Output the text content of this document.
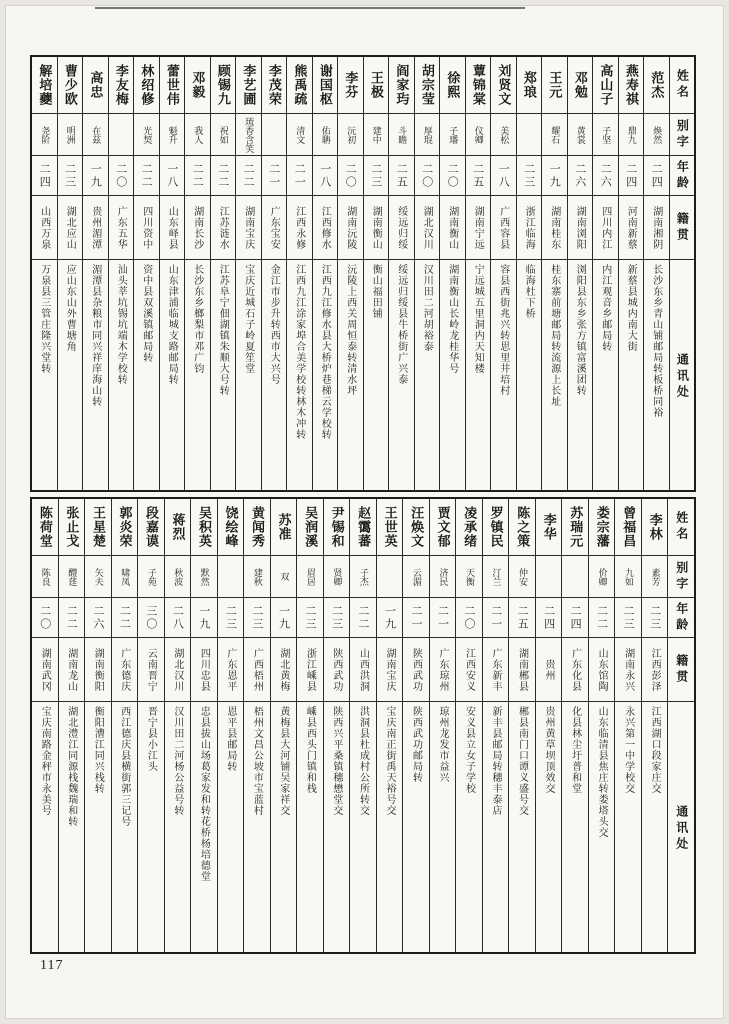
解培蘷
尧阶
二四
山西万泉
万泉县三管庄隆兴堂转
曹少欧
明洲
二三
湖北应山
应山东山外曹塘角
高忠
在兹
一九
贵州湄潭
湄潭县杂粮市同兴祥庠海山转
李友梅
二〇
广东五华
汕头莘坑锡坑端木学校转
林绍修
光契
二二
四川资中
资中县双溪镇邮局转
蕾世伟
魁升
一八
山东峄县
山东津浦临城支路邮局转
邓毅
我人
二二
湖南长沙
长沙东乡榔梨市邓广钧
顾锡九
祝如
二二
江苏涟水
江苏阜宁佃湖镇朱顺大号转
李艺圃
琉香含笑
二二
湖南宝庆
宝庆近城石子岭夏笙堂
李茂荣
二一
广东宝安
金江市步升转西市大兴号
熊禹疏
清文
二一
江西永修
江西九江涂家埠合美学校转林木冲转
谢国枢
佑聃
一八
江西修水
江西九江修水县大桥炉巷梯云学校转
李芬
沅初
二〇
湖南沅陵
沅陵上西关周恒泰转清水坪
王极
建中
二三
湖南衡山
衡山福田铺
阎家玙
斗瞻
二五
绥远归绥
绥远归绥县牛桥街广兴泰
胡宗莹
厚琨
二〇
湖北汉川
汉川田二河胡裕泰
徐熙
子璠
二〇
湖南衡山
湖南衡山长岭龙桂华号
蕈锦棠
仪卿
二五
湖南宁远
宁远城五里洞内天知楼
刘贤文
美松
一八
广西容县
容县西街兆兴转思里井培村
郑琅
二三
浙江临海
临海杜下桥
王元
耀石
一九
湖南桂东
桂东寨前塘邮局转流源上长址
邓勉
黄裳
二六
湖南浏阳
浏阳县东乡张方镇富溪团转
高山子
子坚
二六
四川内江
内江观音乡邮局转
燕寿祺
鼎九
二四
河南新蔡
新蔡县城内南大街
范杰
焕然
二四
湖南湘阴
长沙东乡青山铺邮局转板桥同裕
姓名
别字
年龄
籍贯
通讯处
陈荷堂
陈良
二〇
湖南武冈
宝庆南路金秤市永美号
张止戈
醴莛
二二
湖南龙山
湖北澧江同源栈魏瑞和转
王星楚
矢夫
二六
湖南衡阳
衡阳漕江同兴栈转
郭炎荣
啸凤
二二
广东德庆
西江德庆县横街郭三记号
段嘉谟
子苑
三〇
云南晋宁
晋宁县小江头
蒋烈
秋波
二八
湖北汉川
汉川田二河杨公益号转
吴积英
默然
一九
四川忠县
忠县拔山场葛家发和转花桥杨培德堂
饶绘峰
二三
广东恩平
恩平县邮局转
黄闻秀
建秋
二三
广西梧州
梧州文昌公坡市宝蓝村
苏准
双
一九
湖北黄梅
黄梅县大河铺吴家祥交
吴润溪
眉居
二三
浙江嵊县
嵊县西头门镇和栈
尹锡和
贤卿
二三
陕西武功
陕西兴平桑镇穗懋堂交
赵霭蕃
子杰
二二
山西洪洞
洪洞县杜成村公所转交
王世英
一九
湖南宝庆
宝庆南正街禹天裕号交
汪焕文
云湄
二一
陕西武功
陕西武功邮局转
贾文郁
济民
二一
广东琼州
琼州龙发市益兴
凌承绪
天衡
二〇
江西安义
安义县立女子学校
罗镇民
汀兰
二一
广东新丰
新丰县邮局转穗丰泰店
陈之策
仲安
二五
湖南郴县
郴县南门口谭义盛号交
李华
二四
贵州
贵州黄草坝顶效交
苏瑞元
二四
广东化县
化县林尘圩普和堂
娄宗藩
价卿
二二
山东馆陶
山东临清县焦庄转娄塔头交
曾福昌
九如
二三
湖南永兴
永兴第一中学校交
李林
素芳
二三
江西彭泽
江西湖口段家庄交
姓名
别字
年龄
籍贯
通讯处
117
